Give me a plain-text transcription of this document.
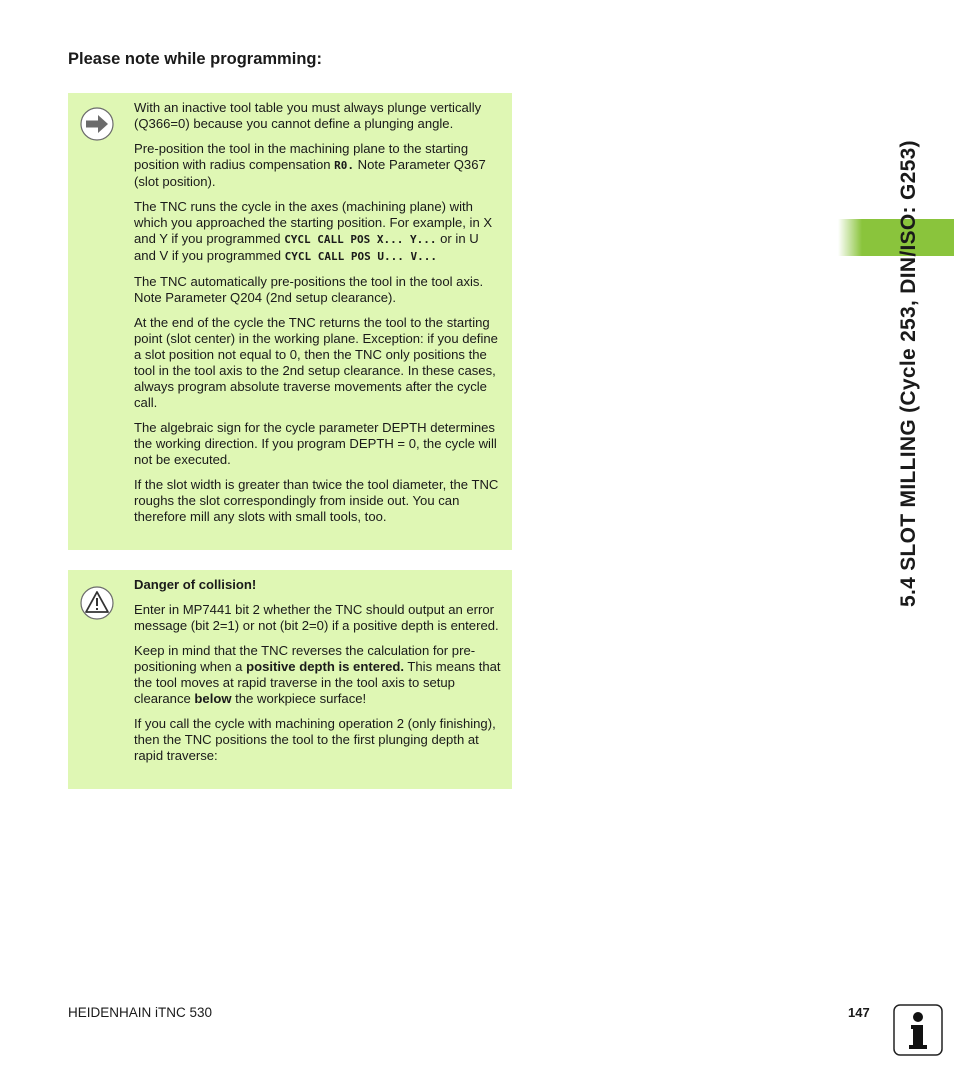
Please note while programming:

With an inactive tool table you must always plunge vertically (Q366=0) because you cannot define a plunging angle.

Pre-position the tool in the machining plane to the starting position with radius compensation R0. Note Parameter Q367 (slot position).

The TNC runs the cycle in the axes (machining plane) with which you approached the starting position. For example, in X and Y if you programmed CYCL CALL POS X... Y... or in U and V if you programmed CYCL CALL POS U... V...

The TNC automatically pre-positions the tool in the tool axis. Note Parameter Q204 (2nd setup clearance).

At the end of the cycle the TNC returns the tool to the starting point (slot center) in the working plane. Exception: if you define a slot position not equal to 0, then the TNC only positions the tool in the tool axis to the 2nd setup clearance. In these cases, always program absolute traverse movements after the cycle call.

The algebraic sign for the cycle parameter DEPTH determines the working direction. If you program DEPTH = 0, the cycle will not be executed.

If the slot width is greater than twice the tool diameter, the TNC roughs the slot correspondingly from inside out. You can therefore mill any slots with small tools, too.

Danger of collision!

Enter in MP7441 bit 2 whether the TNC should output an error message (bit 2=1) or not (bit 2=0) if a positive depth is entered.

Keep in mind that the TNC reverses the calculation for pre-positioning when a positive depth is entered. This means that the tool moves at rapid traverse in the tool axis to setup clearance below the workpiece surface!

If you call the cycle with machining operation 2 (only finishing), then the TNC positions the tool to the first plunging depth at rapid traverse:

5.4 SLOT MILLING (Cycle 253, DIN/ISO: G253)
HEIDENHAIN iTNC 530	147
